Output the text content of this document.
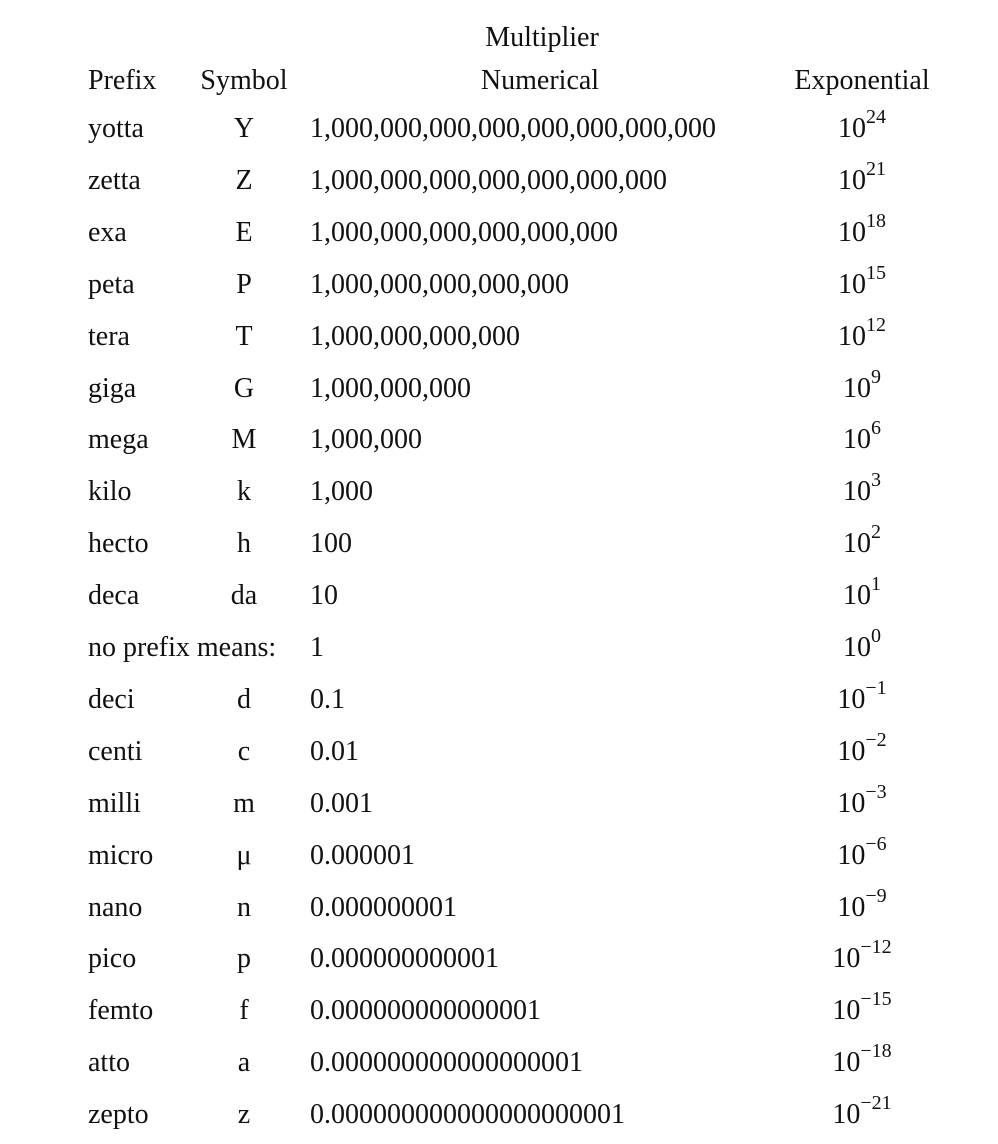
Multiplier
Prefix	Symbol	Numerical	Exponential
yotta	Y	1,000,000,000,000,000,000,000,000	$10^{24}$
zetta	Z	1,000,000,000,000,000,000,000	$10^{21}$
exa	E	1,000,000,000,000,000,000	$10^{18}$
peta	P	1,000,000,000,000,000	$10^{15}$
tera	T	1,000,000,000,000	$10^{12}$
giga	G	1,000,000,000	$10^9$
mega	M	1,000,000	$10^6$
kilo	k	1,000	$10^3$
hecto	h	100	$10^2$
deca	da	10	$10^1$
no prefix means: 1	$10^0$
deci	d	0.1	$10^{-1}$
centi	c	0.01	$10^{-2}$
milli	m	0.001	$10^{-3}$
micro	μ	0.000001	$10^{-6}$
nano	n	0.000000001	$10^{-9}$
pico	p	0.000000000001	$10^{-12}$
femto	f	0.000000000000001	$10^{-15}$
atto	a	0.000000000000000001	$10^{-18}$
zepto	z	0.000000000000000000001	$10^{-21}$
